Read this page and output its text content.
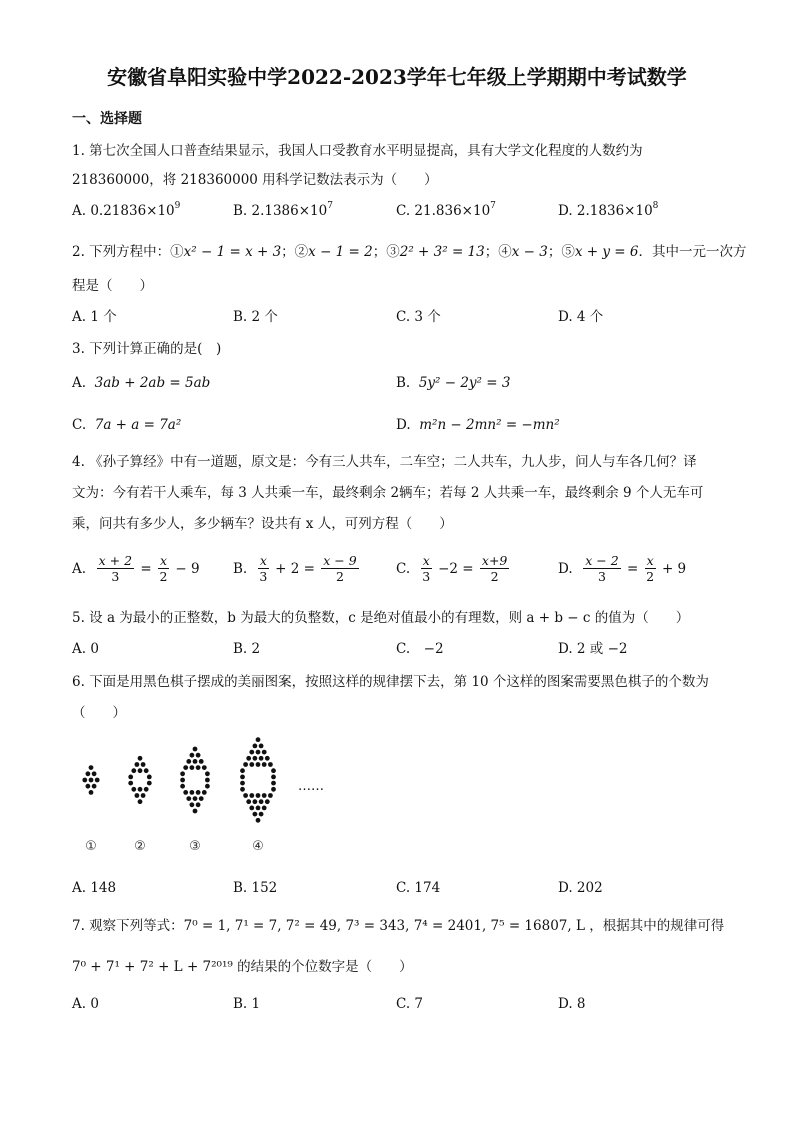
安徽省阜阳实验中学2022-2023学年七年级上学期期中考试数学
一、选择题
1. 第七次全国人口普查结果显示，我国人口受教育水平明显提高，具有大学文化程度的人数约为
218360000，将 218360000 用科学记数法表示为（　　）
A. $0.21836\times 10^9$	B. $2.1386\times 10^7$	C. $21.836\times 10^7$	D. $2.1836\times 10^8$
2. 下列方程中：①x² − 1 = x + 3；②x − 1 = 2；③2² + 3² = 13；④x − 3；⑤x + y = 6．其中一元一次方
程是（　　）
A. 1 个	B. 2 个	C. 3 个	D. 4 个
3. 下列计算正确的是(　)
A. 3ab + 2ab = 5ab	B. 5y² − 2y² = 3
C. 7a + a = 7a²	D. m²n − 2mn² = −mn²
4. 《孙子算经》中有一道题，原文是：今有三人共车，二车空；二人共车，九人步，问人与车各几何？译
文为：今有若干人乘车，每 3 人共乘一车，最终剩余 2辆车；若每 2 人共乘一车，最终剩余 9 个人无车可
乘，问共有多少人，多少辆车？设共有 x 人，可列方程（　　）
A. $\frac{x + 2}{3} = \frac{x}{2} - 9$ B. $\frac{x}{3} + 2 = \frac{x - 9}{2}$	C. $\frac{x}{3} -2 = \frac{x+9}{2}$	D. $\frac{x - 2}{3} = \frac{x}{2} + 9$
5. 设 a 为最小的正整数，b 为最大的负整数，c 是绝对值最小的有理数，则 a + b − c 的值为（　　）
A. 0	B. 2	C.　−2	D. 2 或 −2
6. 下面是用黑色棋子摆成的美丽图案，按照这样的规律摆下去，第 10 个这样的图案需要黑色棋子的个数为
（　　）
……
①	②	③	④
A. 148	B. 152	C. 174	D. 202
7. 观察下列等式：7⁰ = 1, 7¹ = 7, 7² = 49, 7³ = 343, 7⁴ = 2401, 7⁵ = 16807, L ，根据其中的规律可得
7⁰ + 7¹ + 7² + L + 7²⁰¹⁹ 的结果的个位数字是（　　）
A. 0	B. 1	C. 7	D. 8
